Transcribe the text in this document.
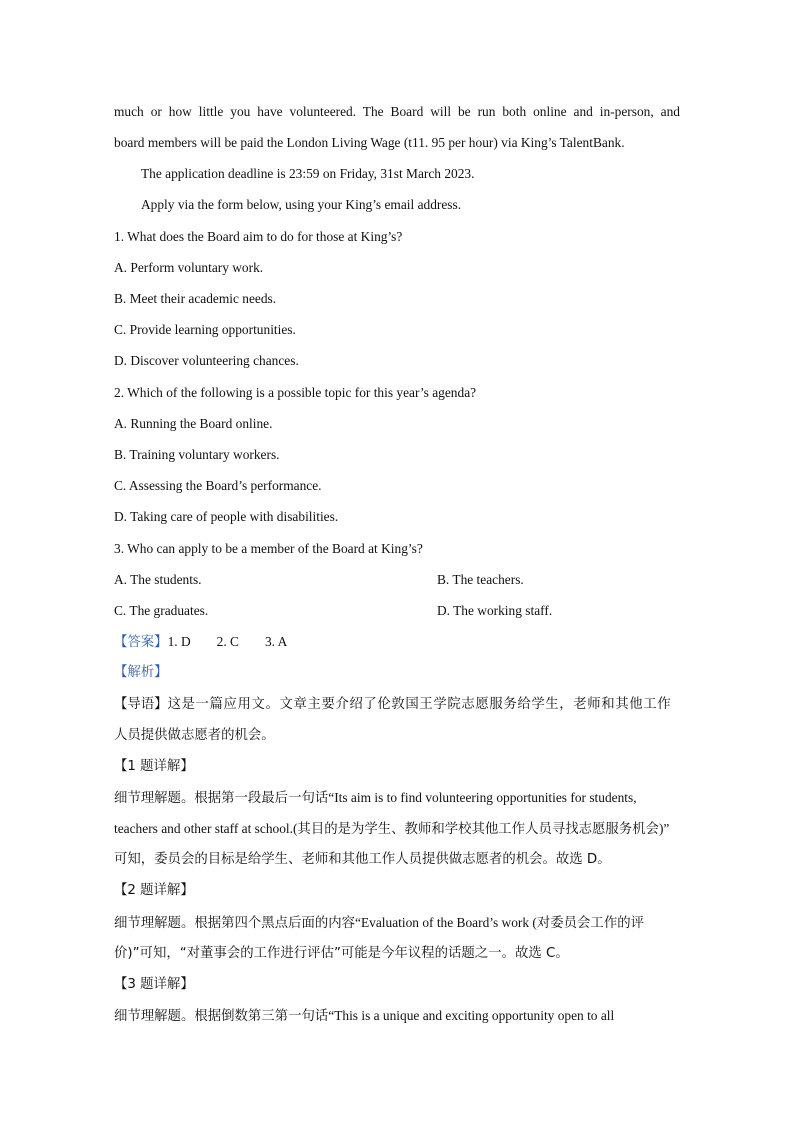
much or how little you have volunteered. The Board will be run both online and in-person, and
board members will be paid the London Living Wage (t11. 95 per hour) via King’s TalentBank.
The application deadline is 23:59 on Friday, 31st March 2023.
Apply via the form below, using your King’s email address.
1. What does the Board aim to do for those at King’s?
A. Perform voluntary work.
B. Meet their academic needs.
C. Provide learning opportunities.
D. Discover volunteering chances.
2. Which of the following is a possible topic for this year’s agenda?
A. Running the Board online.
B. Training voluntary workers.
C. Assessing the Board’s performance.
D. Taking care of people with disabilities.
3. Who can apply to be a member of the Board at King’s?
A. The students.	B. The teachers.
C. The graduates.	D. The working staff.
【答案】1. D 2. C 3. A
【解析】
【导语】这是一篇应用文。文章主要介绍了伦敦国王学院志愿服务给学生，老师和其他工作
人员提供做志愿者的机会。
【1 题详解】
细节理解题。根据第一段最后一句话“Its aim is to find volunteering opportunities for students,
teachers and other staff at school.(其目的是为学生、教师和学校其他工作人员寻找志愿服务机会)”
可知，委员会的目标是给学生、老师和其他工作人员提供做志愿者的机会。故选 D。
【2 题详解】
细节理解题。根据第四个黑点后面的内容“Evaluation of the Board’s work (对委员会工作的评
价)”可知，“对董事会的工作进行评估”可能是今年议程的话题之一。故选 C。
【3 题详解】
细节理解题。根据倒数第三第一句话“This is a unique and exciting opportunity open to all
